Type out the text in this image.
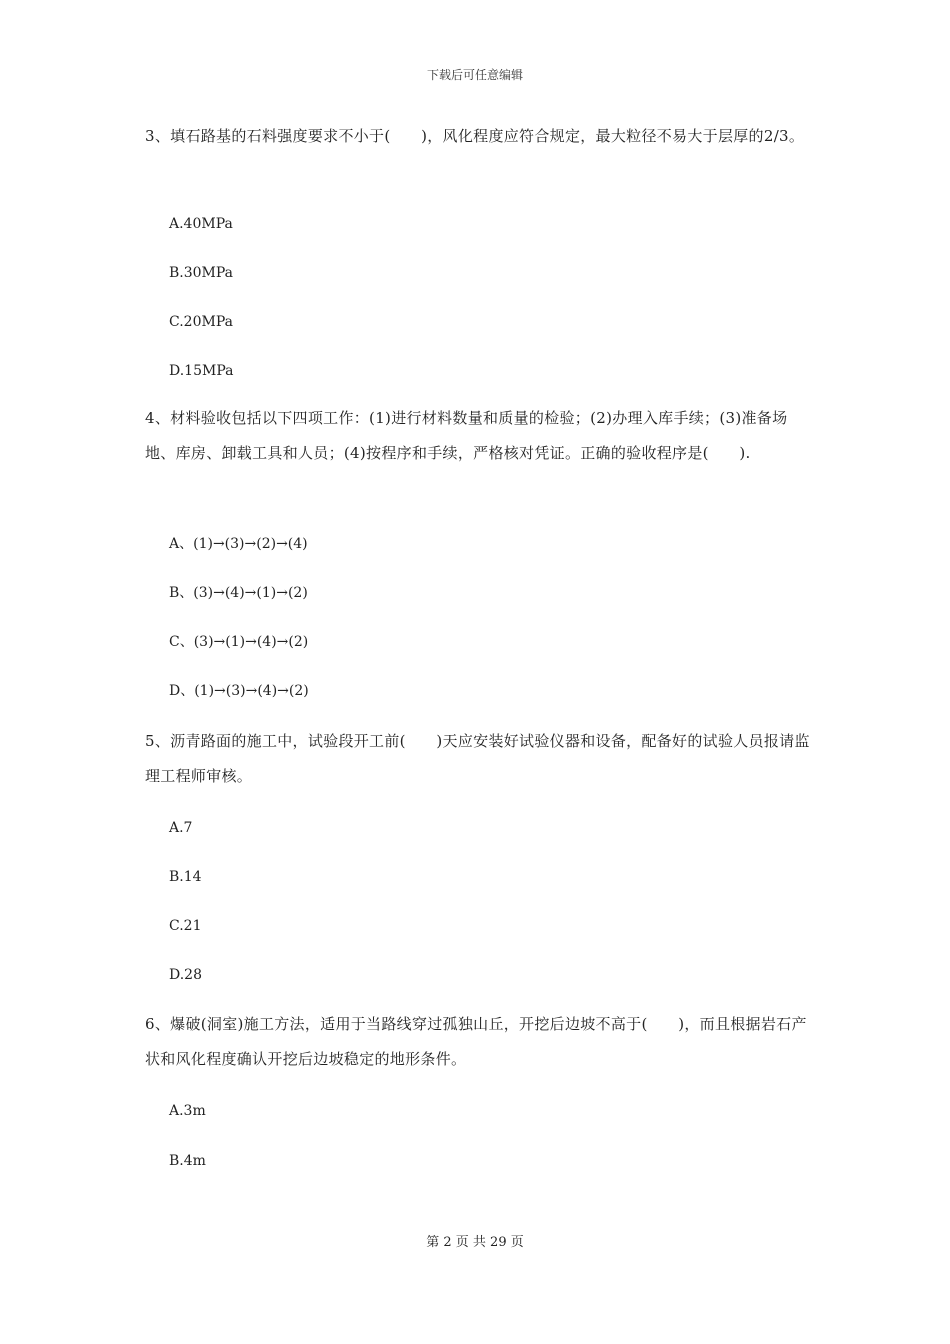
下载后可任意编辑

3、填石路基的石料强度要求不小于(　　)，风化程度应符合规定，最大粒径不易大于层厚的2/3。

A.40MPa

B.30MPa

C.20MPa

D.15MPa

4、材料验收包括以下四项工作：(1)进行材料数量和质量的检验；(2)办理入库手续；(3)准备场地、库房、卸载工具和人员；(4)按程序和手续，严格核对凭证。正确的验收程序是(　　).

A、(1)→(3)→(2)→(4)

B、(3)→(4)→(1)→(2)

C、(3)→(1)→(4)→(2)

D、(1)→(3)→(4)→(2)

5、沥青路面的施工中，试验段开工前(　　)天应安装好试验仪器和设备，配备好的试验人员报请监理工程师审核。

A.7

B.14

C.21

D.28

6、爆破(洞室)施工方法，适用于当路线穿过孤独山丘，开挖后边坡不高于(　　)，而且根据岩石产状和风化程度确认开挖后边坡稳定的地形条件。

A.3m

B.4m

第 2 页 共 29 页
